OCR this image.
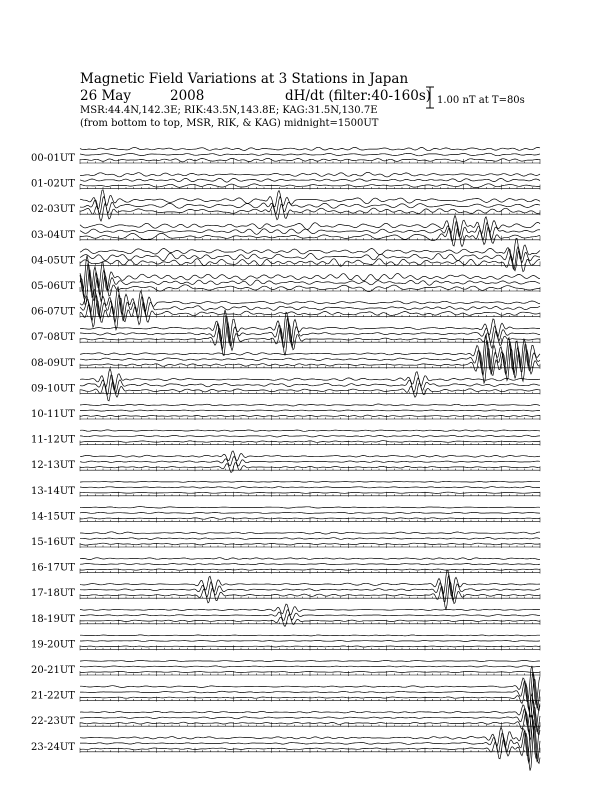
Magnetic Field Variations at 3 Stations in Japan
26 May	2008	dH/dt (filter:40-160s)
MSR:44.4N,142.3E; RIK:43.5N,143.8E; KAG:31.5N,130.7E
(from bottom to top, MSR, RIK, & KAG) midnight=1500UT
1.00 nT at T=80s
00-01UT
01-02UT
02-03UT
03-04UT
04-05UT
05-06UT
06-07UT
07-08UT
08-09UT
09-10UT
10-11UT
11-12UT
12-13UT
13-14UT
14-15UT
15-16UT
16-17UT
17-18UT
18-19UT
19-20UT
20-21UT
21-22UT
22-23UT
23-24UT
